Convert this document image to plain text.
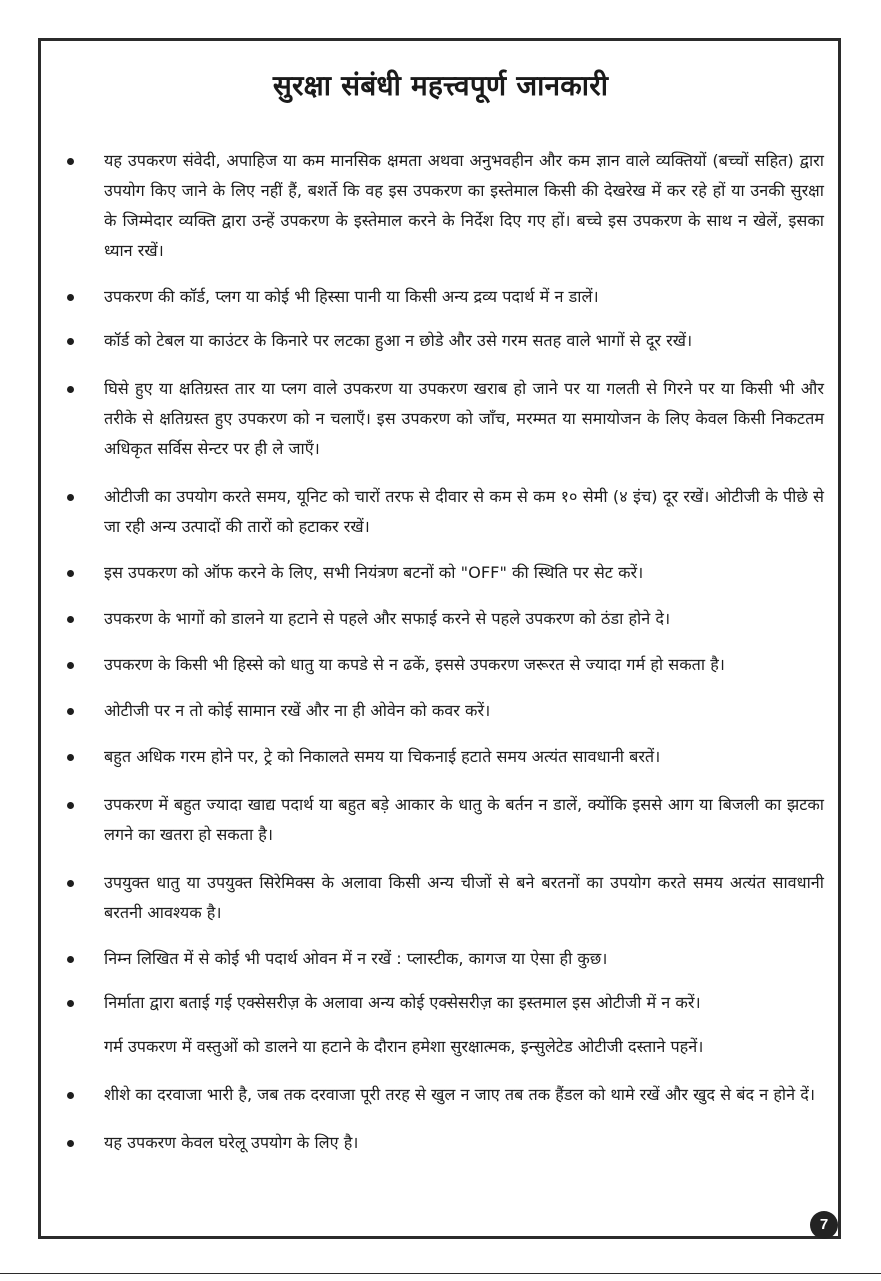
सुरक्षा संबंधी महत्त्वपूर्ण जानकारी
यह उपकरण संवेदी, अपाहिज या कम मानसिक क्षमता अथवा अनुभवहीन और कम ज्ञान वाले व्यक्तियों (बच्चों सहित) द्वारा उपयोग किए जाने के लिए नहीं हैं, बशर्ते कि वह इस उपकरण का इस्तेमाल किसी की देखरेख में कर रहे हों या उनकी सुरक्षा के जिम्मेदार व्यक्ति द्वारा उन्हें उपकरण के इस्तेमाल करने के निर्देश दिए गए हों। बच्चे इस उपकरण के साथ न खेलें, इसका ध्यान रखें।
उपकरण की कॉर्ड, प्लग या कोई भी हिस्सा पानी या किसी अन्य द्रव्य पदार्थ में न डालें।
कॉर्ड को टेबल या काउंटर के किनारे पर लटका हुआ न छोडे और उसे गरम सतह वाले भागों से दूर रखें।
घिसे हुए या क्षतिग्रस्त तार या प्लग वाले उपकरण या उपकरण खराब हो जाने पर या गलती से गिरने पर या किसी भी और तरीके से क्षतिग्रस्त हुए उपकरण को न चलाएँ। इस उपकरण को जाँच, मरम्मत या समायोजन के लिए केवल किसी निकटतम अधिकृत सर्विस सेन्टर पर ही ले जाएँ।
ओटीजी का उपयोग करते समय, यूनिट को चारों तरफ से दीवार से कम से कम १० सेमी (४ इंच) दूर रखें। ओटीजी के पीछे से जा रही अन्य उत्पादों की तारों को हटाकर रखें।
इस उपकरण को ऑफ करने के लिए, सभी नियंत्रण बटनों को "OFF" की स्थिति पर सेट करें।
उपकरण के भागों को डालने या हटाने से पहले और सफाई करने से पहले उपकरण को ठंडा होने दे।
उपकरण के किसी भी हिस्से को धातु या कपडे से न ढकें, इससे उपकरण जरूरत से ज्यादा गर्म हो सकता है।
ओटीजी पर न तो कोई सामान रखें और ना ही ओवेन को कवर करें।
बहुत अधिक गरम होने पर, ट्रे को निकालते समय या चिकनाई हटाते समय अत्यंत सावधानी बरतें।
उपकरण में बहुत ज्यादा खाद्य पदार्थ या बहुत बड़े आकार के धातु के बर्तन न डालें, क्योंकि इससे आग या बिजली का झटका लगने का खतरा हो सकता है।
उपयुक्त धातु या उपयुक्त सिरेमिक्स के अलावा किसी अन्य चीजों से बने बरतनों का उपयोग करते समय अत्यंत सावधानी बरतनी आवश्यक है।
निम्न लिखित में से कोई भी पदार्थ ओवन में न रखें : प्लास्टीक, कागज या ऐसा ही कुछ।
निर्माता द्वारा बताई गई एक्सेसरीज़ के अलावा अन्य कोई एक्सेसरीज़ का इस्तमाल इस ओटीजी में न करें।
गर्म उपकरण में वस्तुओं को डालने या हटाने के दौरान हमेशा सुरक्षात्मक, इन्सुलेटेड ओटीजी दस्ताने पहनें।
शीशे का दरवाजा भारी है, जब तक दरवाजा पूरी तरह से खुल न जाए तब तक हैंडल को थामे रखें और खुद से बंद न होने दें।
यह उपकरण केवल घरेलू उपयोग के लिए है।
7
